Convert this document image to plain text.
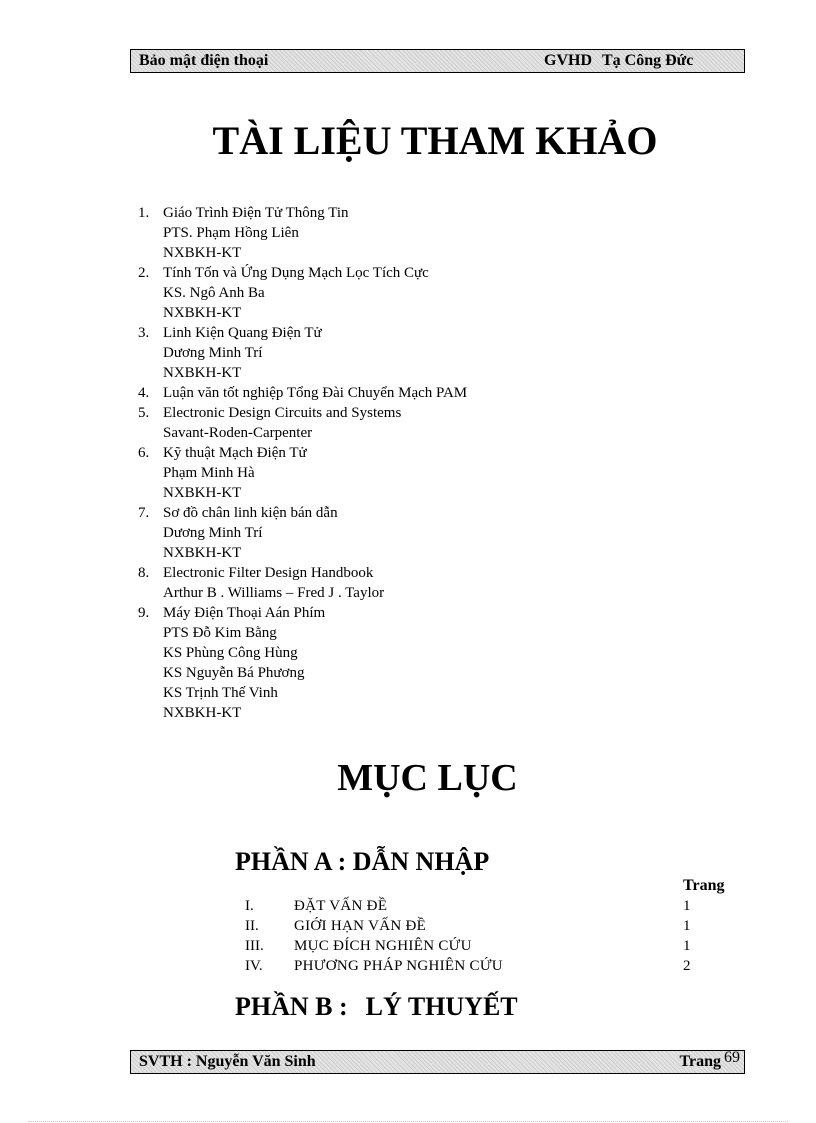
Bảo mật điện thoại	GVHD Tạ Công Đức
TÀI LIỆU THAM KHẢO
1. Giáo Trình Điện Tử Thông Tin
PTS. Phạm Hồng Liên
NXBKH-KT
2. Tính Tốn và Ứng Dụng Mạch Lọc Tích Cực
KS. Ngô Anh Ba
NXBKH-KT
3. Linh Kiện Quang Điện Tử
Dương Minh Trí
NXBKH-KT
4. Luận văn tốt nghiệp Tổng Đài Chuyển Mạch PAM
5. Electronic Design Circuits and Systems
Savant-Roden-Carpenter
6. Kỹ thuật Mạch Điện Tử
Phạm Minh Hà
NXBKH-KT
7. Sơ đồ chân linh kiện bán dẫn
Dương Minh Trí
NXBKH-KT
8. Electronic Filter Design Handbook
Arthur B . Williams – Fred J . Taylor
9. Máy Điện Thoại Aán Phím
PTS Đỗ Kim Bằng
KS Phùng Công Hùng
KS Nguyễn Bá Phương
KS Trịnh Thế Vinh
NXBKH-KT
MỤC LỤC
PHẦN A : DẪN NHẬP
Trang
I.	ĐẶT VẤN ĐỀ	1
II. GIỚI HẠN VẤN ĐỀ	1
III. MỤC ĐÍCH NGHIÊN CỨU	1
IV. PHƯƠNG PHÁP NGHIÊN CỨU	2
PHẦN B : LÝ THUYẾT
SVTH : Nguyễn Văn Sinh	Trang 69
